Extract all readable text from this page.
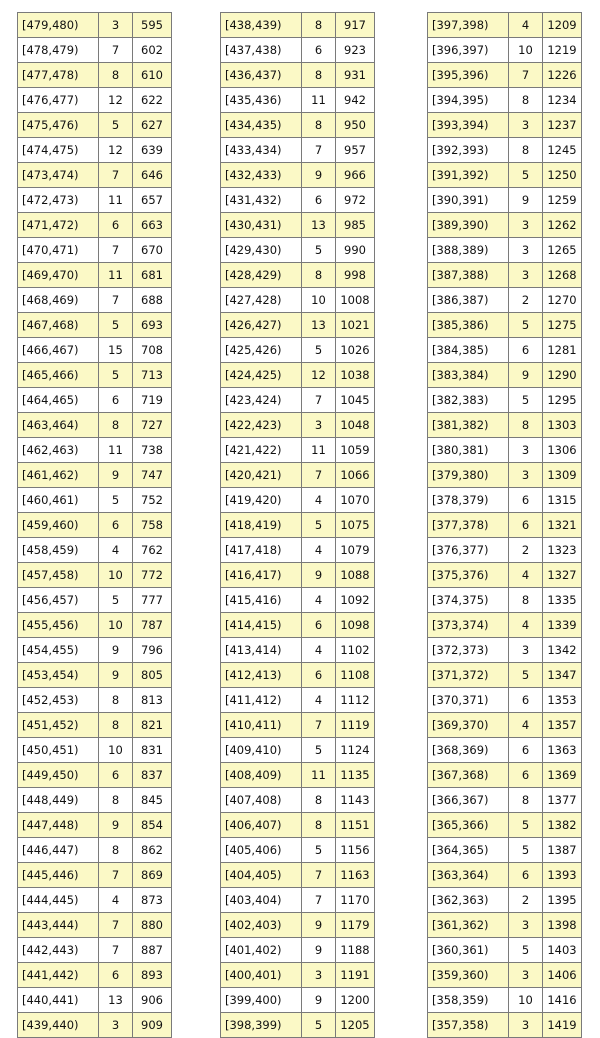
[479,480)	3	595
[478,479)	7	602
[477,478)	8	610
[476,477)	12	622
[475,476)	5	627
[474,475)	12	639
[473,474)	7	646
[472,473)	11	657
[471,472)	6	663
[470,471)	7	670
[469,470)	11	681
[468,469)	7	688
[467,468)	5	693
[466,467)	15	708
[465,466)	5	713
[464,465)	6	719
[463,464)	8	727
[462,463)	11	738
[461,462)	9	747
[460,461)	5	752
[459,460)	6	758
[458,459)	4	762
[457,458)	10	772
[456,457)	5	777
[455,456)	10	787
[454,455)	9	796
[453,454)	9	805
[452,453)	8	813
[451,452)	8	821
[450,451)	10	831
[449,450)	6	837
[448,449)	8	845
[447,448)	9	854
[446,447)	8	862
[445,446)	7	869
[444,445)	4	873
[443,444)	7	880
[442,443)	7	887
[441,442)	6	893
[440,441)	13	906
[439,440)	3	909
[438,439)	8	917
[437,438)	6	923
[436,437)	8	931
[435,436)	11	942
[434,435)	8	950
[433,434)	7	957
[432,433)	9	966
[431,432)	6	972
[430,431)	13	985
[429,430)	5	990
[428,429)	8	998
[427,428)	10	1008
[426,427)	13	1021
[425,426)	5	1026
[424,425)	12	1038
[423,424)	7	1045
[422,423)	3	1048
[421,422)	11	1059
[420,421)	7	1066
[419,420)	4	1070
[418,419)	5	1075
[417,418)	4	1079
[416,417)	9	1088
[415,416)	4	1092
[414,415)	6	1098
[413,414)	4	1102
[412,413)	6	1108
[411,412)	4	1112
[410,411)	7	1119
[409,410)	5	1124
[408,409)	11	1135
[407,408)	8	1143
[406,407)	8	1151
[405,406)	5	1156
[404,405)	7	1163
[403,404)	7	1170
[402,403)	9	1179
[401,402)	9	1188
[400,401)	3	1191
[399,400)	9	1200
[398,399)	5	1205
[397,398)	4	1209
[396,397)	10	1219
[395,396)	7	1226
[394,395)	8	1234
[393,394)	3	1237
[392,393)	8	1245
[391,392)	5	1250
[390,391)	9	1259
[389,390)	3	1262
[388,389)	3	1265
[387,388)	3	1268
[386,387)	2	1270
[385,386)	5	1275
[384,385)	6	1281
[383,384)	9	1290
[382,383)	5	1295
[381,382)	8	1303
[380,381)	3	1306
[379,380)	3	1309
[378,379)	6	1315
[377,378)	6	1321
[376,377)	2	1323
[375,376)	4	1327
[374,375)	8	1335
[373,374)	4	1339
[372,373)	3	1342
[371,372)	5	1347
[370,371)	6	1353
[369,370)	4	1357
[368,369)	6	1363
[367,368)	6	1369
[366,367)	8	1377
[365,366)	5	1382
[364,365)	5	1387
[363,364)	6	1393
[362,363)	2	1395
[361,362)	3	1398
[360,361)	5	1403
[359,360)	3	1406
[358,359)	10	1416
[357,358)	3	1419
